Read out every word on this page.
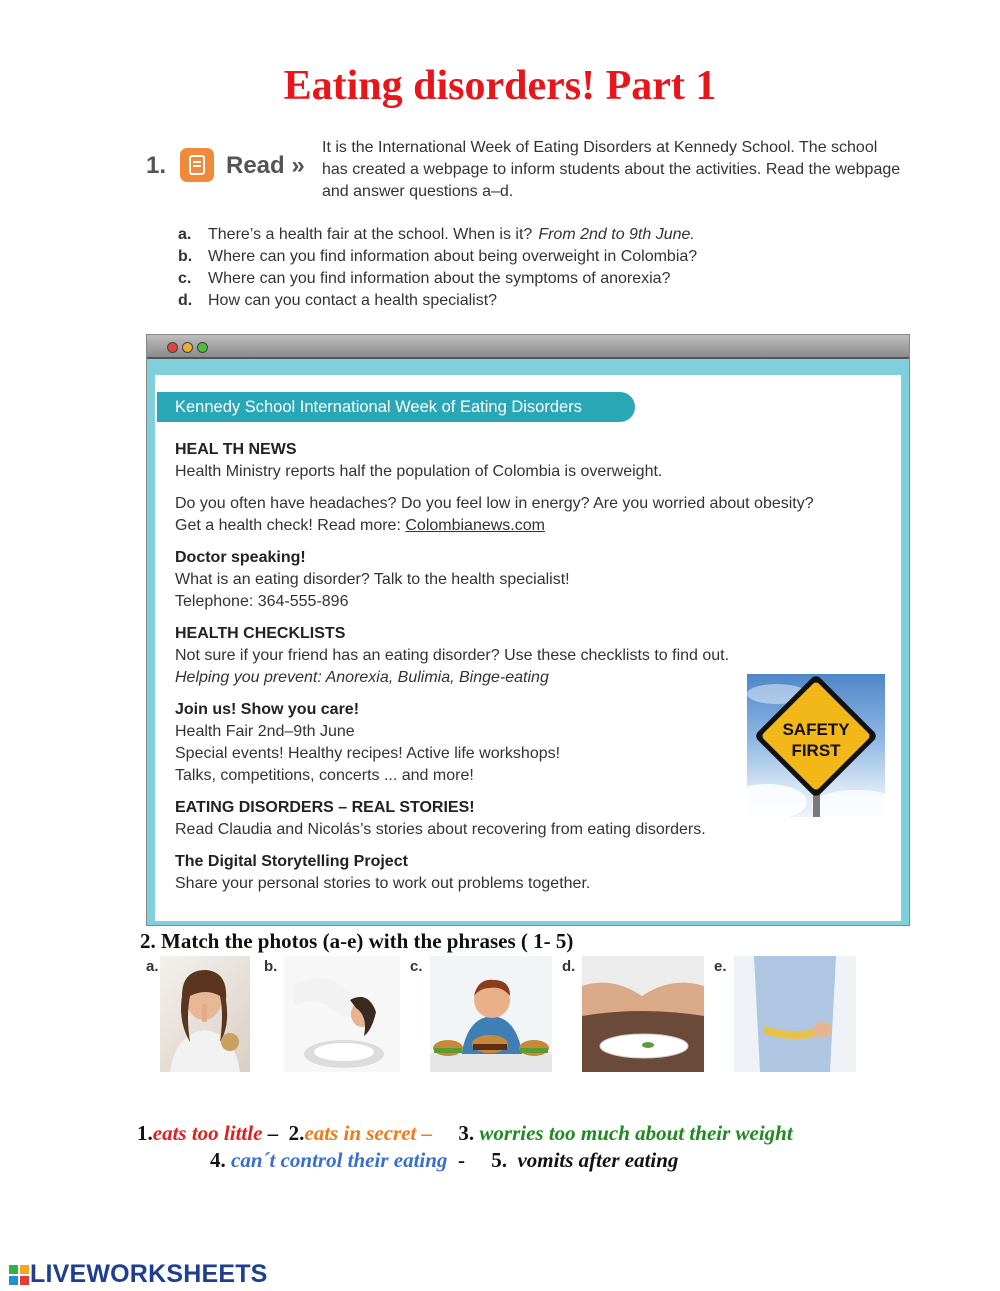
Eating disorders! Part 1
1. Read »

It is the International Week of Eating Disorders at Kennedy School. The school has created a webpage to inform students about the activities. Read the webpage and answer questions a–d.

a.	There’s a health fair at the school. When is it? From 2nd to 9th June.
b. Where can you find information about being overweight in Colombia?
c.	Where can you find information about the symptoms of anorexia?
d. How can you contact a health specialist?
Kennedy School International Week of Eating Disorders
HEAL TH NEWS
Health Ministry reports half the population of Colombia is overweight.
Do you often have headaches? Do you feel low in energy? Are you worried about obesity?
Get a health check! Read more: Colombianews.com
Doctor speaking!
What is an eating disorder? Talk to the health specialist!
Telephone: 364-555-896
HEALTH CHECKLISTS
Not sure if your friend has an eating disorder? Use these checklists to find out.
Helping you prevent: Anorexia, Bulimia, Binge-eating
Join us! Show you care!
Health Fair 2nd–9th June
Special events! Healthy recipes! Active life workshops!
Talks, competitions, concerts ... and more!
EATING DISORDERS – REAL STORIES!
Read Claudia and Nicolás’s stories about recovering from eating disorders.
The Digital Storytelling Project
Share your personal stories to work out problems together.
SAFETY
FIRST
2. Match the photos (a-e) with the phrases ( 1- 5)
a.	b.	c.	d.	e.
1.eats too little –  2.eats in secret – 3. worries too much about their weight
4. can´t control their eating  -     5.  vomits after eating
LIVEWORKSHEETS
